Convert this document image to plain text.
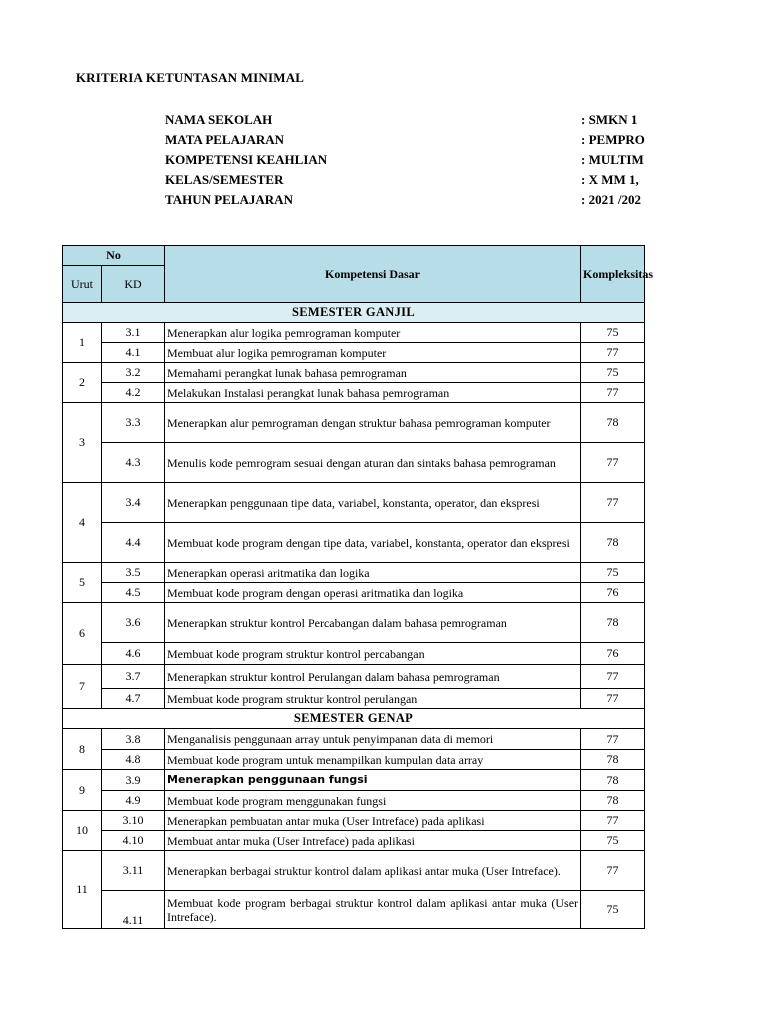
KRITERIA KETUNTASAN MINIMAL
NAMA SEKOLAH	: SMKN 1
MATA PELAJARAN	: PEMPRO
KOMPETENSI KEAHLIAN	: MULTIM
KELAS/SEMESTER	: X MM 1,
TAHUN PELAJARAN	: 2021 /202
No		Kompetensi Dasar	Kompleksitas	
Urut	KD			
SEMESTER GANJIL				
1	3.1	Menerapkan alur logika pemrograman komputer	75	
	4.1	Membuat alur logika pemrograman komputer	77	
2	3.2	Memahami perangkat lunak bahasa pemrograman	75	
	4.2	Melakukan Instalasi perangkat lunak bahasa pemrograman	77	
3	3.3	Menerapkan alur pemrograman dengan struktur bahasa pemrograman komputer	78	
	4.3	Menulis kode pemrogram sesuai dengan aturan dan sintaks bahasa pemrograman	77	
4	3.4	Menerapkan penggunaan tipe data, variabel, konstanta, operator, dan ekspresi	77	
	4.4	Membuat kode program dengan tipe data, variabel, konstanta, operator dan ekspresi	78	
5	3.5	Menerapkan operasi aritmatika dan logika	75	
	4.5	Membuat kode program dengan operasi aritmatika dan logika	76	
6	3.6	Menerapkan struktur kontrol Percabangan dalam bahasa pemrograman	78	
	4.6	Membuat kode program struktur kontrol percabangan	76	
7	3.7	Menerapkan struktur kontrol Perulangan dalam bahasa pemrograman	77	
	4.7	Membuat kode program struktur kontrol perulangan	77	
SEMESTER GENAP				
8	3.8	Menganalisis penggunaan array untuk penyimpanan data di memori	77	
	4.8	Membuat kode program untuk menampilkan kumpulan data array	78	
9	3.9	Menerapkan penggunaan fungsi	78	
	4.9	Membuat kode program menggunakan fungsi	78	
10	3.10	Menerapkan pembuatan antar muka (User Intreface) pada aplikasi	77	
	4.10	Membuat antar muka (User Intreface) pada aplikasi	75	
11	3.11	Menerapkan berbagai struktur kontrol dalam aplikasi antar muka (User Intreface).	77	
	4.11	Membuat kode program berbagai struktur kontrol dalam aplikasi antar muka (User Intreface).	75	
